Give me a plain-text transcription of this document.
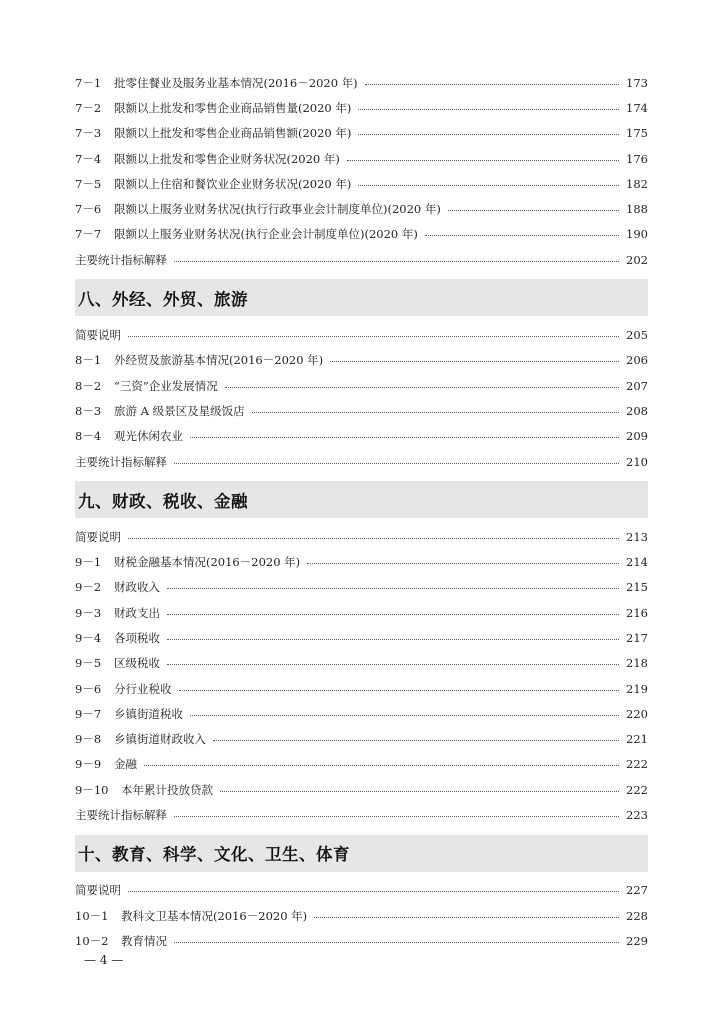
7－1	批零住餐业及服务业基本情况(2016－2020 年)	173
7－2	限额以上批发和零售企业商品销售量(2020 年)	174
7－3	限额以上批发和零售企业商品销售额(2020 年)	175
7－4	限额以上批发和零售企业财务状况(2020 年)	176
7－5	限额以上住宿和餐饮业企业财务状况(2020 年)	182
7－6	限额以上服务业财务状况(执行行政事业会计制度单位)(2020 年)	188
7－7	限额以上服务业财务状况(执行企业会计制度单位)(2020 年)	190
主要统计指标解释	202
八、外经、外贸、旅游
简要说明	205
8－1	外经贸及旅游基本情况(2016－2020 年)	206
8－2	“三资”企业发展情况	207
8－3	旅游 A 级景区及星级饭店	208
8－4	观光休闲农业	209
主要统计指标解释	210
九、财政、税收、金融
简要说明	213
9－1	财税金融基本情况(2016－2020 年)	214
9－2	财政收入	215
9－3	财政支出	216
9－4	各项税收	217
9－5	区级税收	218
9－6	分行业税收	219
9－7	乡镇街道税收	220
9－8	乡镇街道财政收入	221
9－9	金融	222
9－10	本年累计投放贷款	222
主要统计指标解释	223
十、教育、科学、文化、卫生、体育
简要说明	227
10－1	教科文卫基本情况(2016－2020 年)	228
10－2	教育情况	229
— 4 —
